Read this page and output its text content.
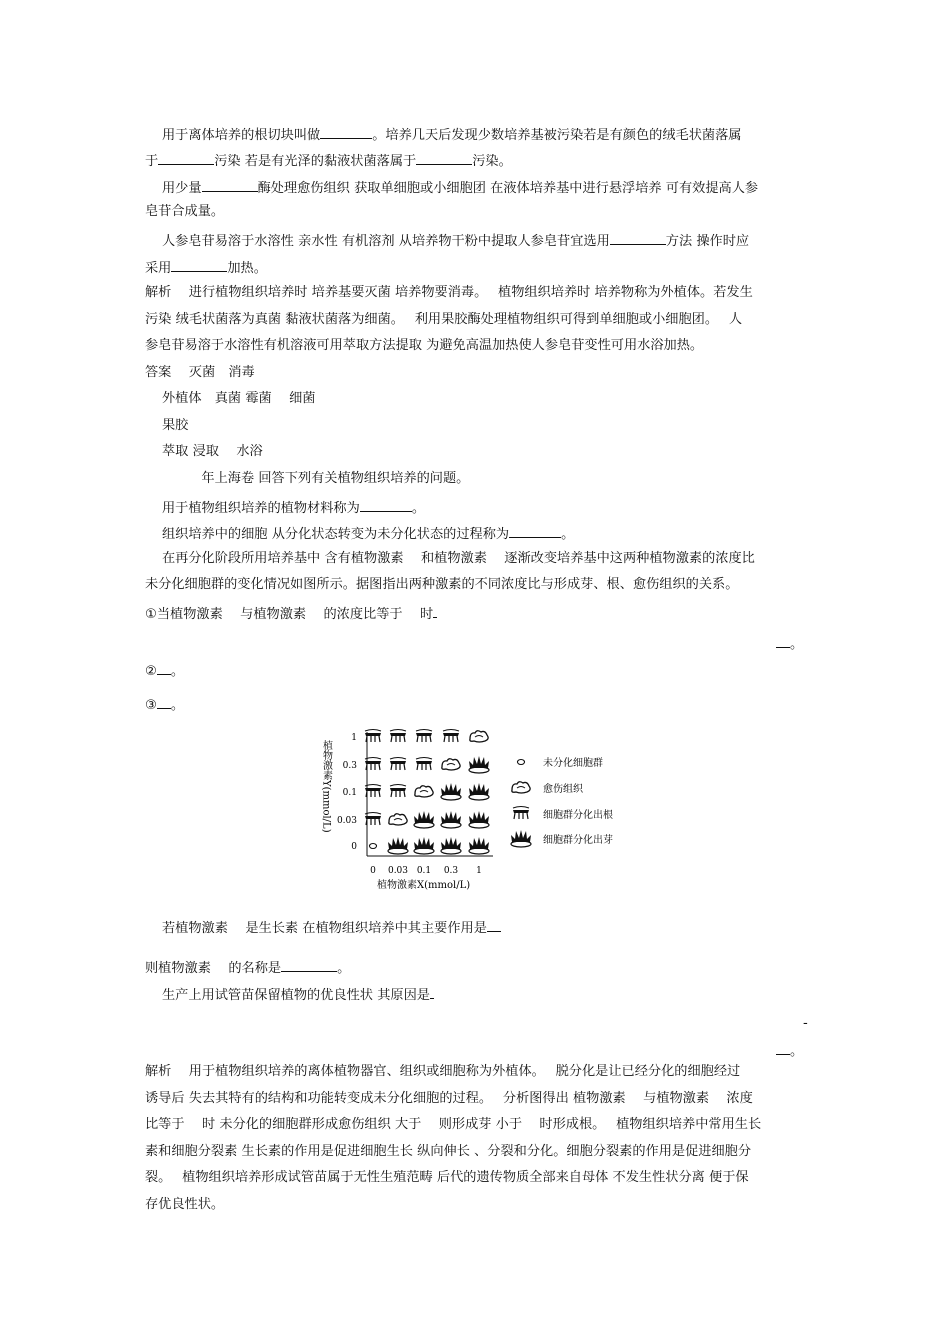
用于离体培养的根切块叫做	。培养几天后发现少数培养基被污染若是有颜色的绒毛状菌落属
于	污染 若是有光泽的黏液状菌落属于	污染。
用少量	酶处理愈伤组织 获取单细胞或小细胞团 在液体培养基中进行悬浮培养 可有效提高人参
皂苷合成量。
人参皂苷易溶于水溶性 亲水性 有机溶剂 从培养物干粉中提取人参皂苷宜选用	方法 操作时应
采用	加热。
解析　 进行植物组织培养时 培养基要灭菌 培养物要消毒。　 植物组织培养时 培养物称为外植体。若发生
污染 绒毛状菌落为真菌 黏液状菌落为细菌。　 利用果胶酶处理植物组织可得到单细胞或小细胞团。　 人
参皂苷易溶于水溶性有机溶液可用萃取方法提取 为避免高温加热使人参皂苷变性可用水浴加热。
答案　 灭菌　消毒
外植体　真菌 霉菌　 细菌
果胶
萃取 浸取　 水浴
　 年上海卷 回答下列有关植物组织培养的问题。
用于植物组织培养的植物材料称为	。
组织培养中的细胞 从分化状态转变为未分化状态的过程称为	。
在再分化阶段所用培养基中 含有植物激素　 和植物激素　 逐渐改变培养基中这两种植物激素的浓度比
未分化细胞群的变化情况如图所示。据图指出两种激素的不同浓度比与形成芽、根、愈伤组织的关系。
①当植物激素　 与植物激素　 的浓度比等于　 时
。
② 。
③ 。
植物激素Y(mmol/L)
1
0.3
0.1
0.03
0
0 0.03 0.1 0.3 1
植物激素X(mmol/L)
未分化细胞群
愈伤组织
细胞群分化出根
细胞群分化出芽
若植物激素　 是生长素 在植物组织培养中其主要作用是
则植物激素　 的名称是	。
生产上用试管苗保留植物的优良性状 其原因是
-
。
解析　 用于植物组织培养的离体植物器官、组织或细胞称为外植体。　 脱分化是让已经分化的细胞经过
诱导后 失去其特有的结构和功能转变成未分化细胞的过程。　 分析图得出 植物激素　 与植物激素　 浓度
比等于　 时 未分化的细胞群形成愈伤组织 大于　 则形成芽 小于　 时形成根。　 植物组织培养中常用生长
素和细胞分裂素 生长素的作用是促进细胞生长 纵向伸长 、分裂和分化。细胞分裂素的作用是促进细胞分
裂。　 植物组织培养形成试管苗属于无性生殖范畴 后代的遗传物质全部来自母体 不发生性状分离 便于保
存优良性状。
